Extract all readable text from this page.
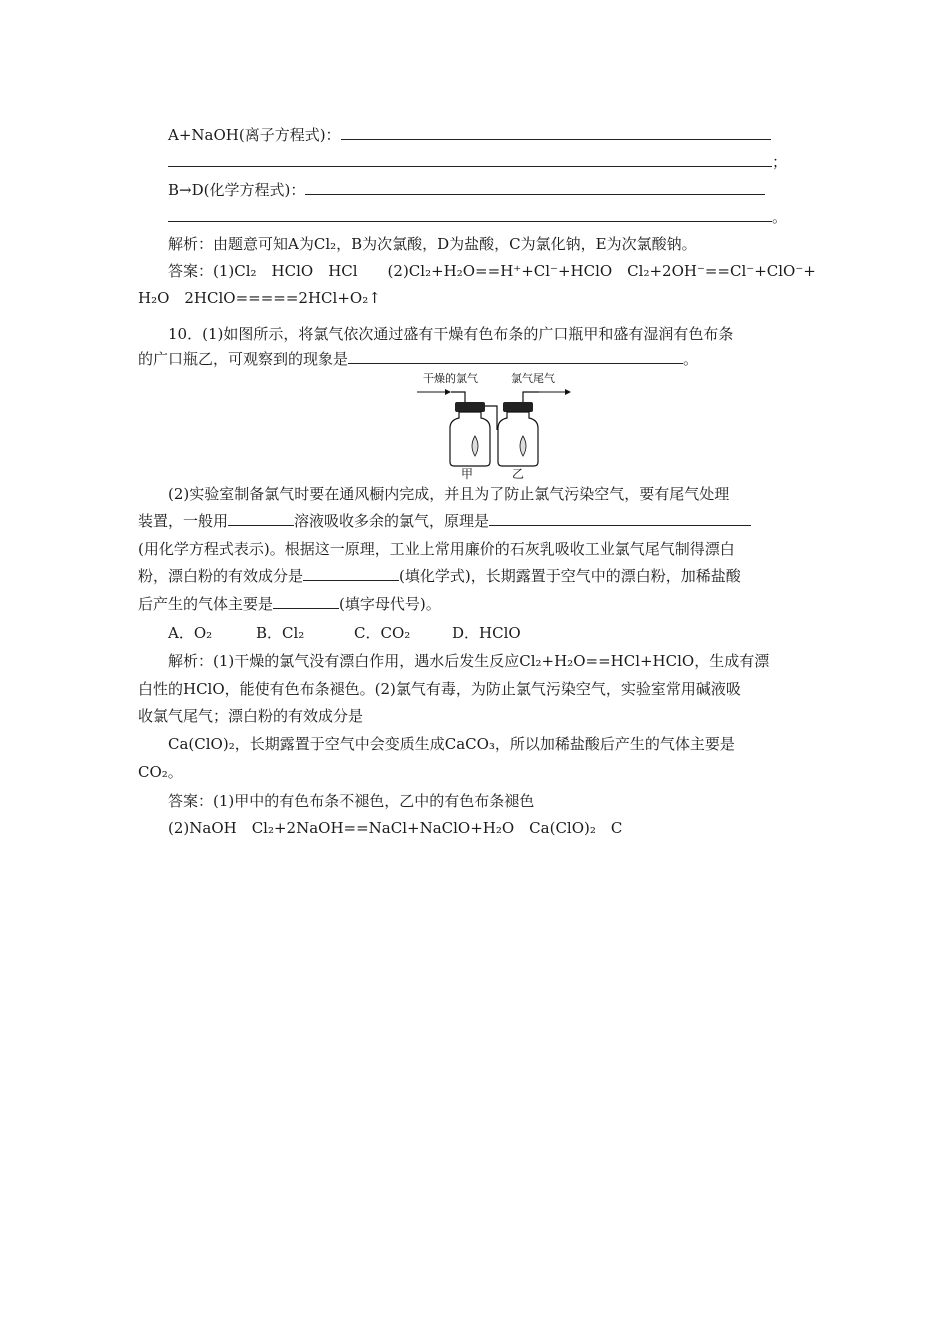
A+NaOH(离子方程式)：
；
B→D(化学方程式)：
。
解析：由题意可知A为Cl₂，B为次氯酸，D为盐酸，C为氯化钠，E为次氯酸钠。
答案：(1)Cl₂　HClO　HCl　　(2)Cl₂+H₂O==H⁺+Cl⁻+HClO　Cl₂+2OH⁻==Cl⁻+ClO⁻+
H₂O　2HClO=====2HCl+O₂↑
10．(1)如图所示，将氯气依次通过盛有干燥有色布条的广口瓶甲和盛有湿润有色布条
的广口瓶乙，可观察到的现象是	。
干燥的氯气	氯气尾气
甲	乙
(2)实验室制备氯气时要在通风橱内完成，并且为了防止氯气污染空气，要有尾气处理
装置，一般用	溶液吸收多余的氯气，原理是
(用化学方程式表示)。根据这一原理，工业上常用廉价的石灰乳吸收工业氯气尾气制得漂白
粉，漂白粉的有效成分是	(填化学式)，长期露置于空气中的漂白粉，加稀盐酸
后产生的气体主要是	(填字母代号)。
A．O₂	B．Cl₂	C．CO₂	D．HClO
解析：(1)干燥的氯气没有漂白作用，遇水后发生反应Cl₂+H₂O==HCl+HClO，生成有漂
白性的HClO，能使有色布条褪色。(2)氯气有毒，为防止氯气污染空气，实验室常用碱液吸
收氯气尾气；漂白粉的有效成分是
Ca(ClO)₂，长期露置于空气中会变质生成CaCO₃，所以加稀盐酸后产生的气体主要是
CO₂。
答案：(1)甲中的有色布条不褪色，乙中的有色布条褪色
(2)NaOH　Cl₂+2NaOH==NaCl+NaClO+H₂O　Ca(ClO)₂　C
